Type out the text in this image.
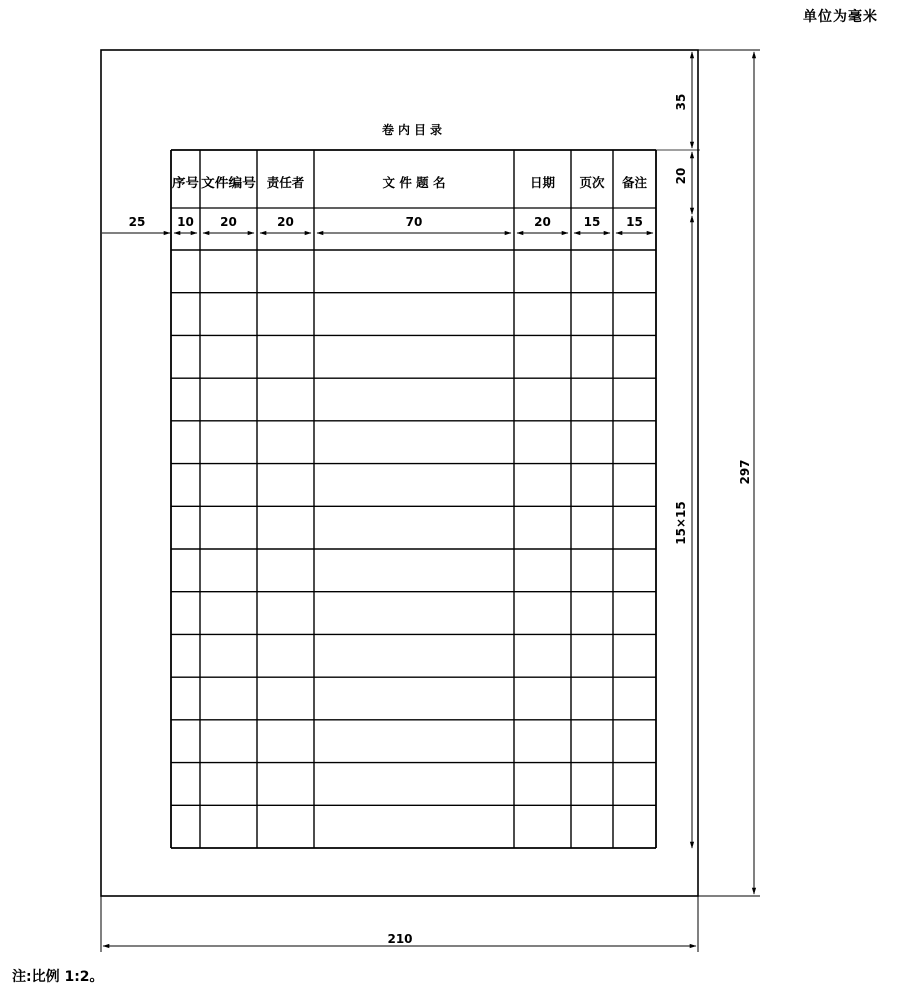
单位为毫米
卷内目录
序号 文件编号 责任者	文 件 题 名	日期 页次 备注
10 20	20	70	20	15 15
25
35
20
15×15
297
210
注:比例 1:2。
